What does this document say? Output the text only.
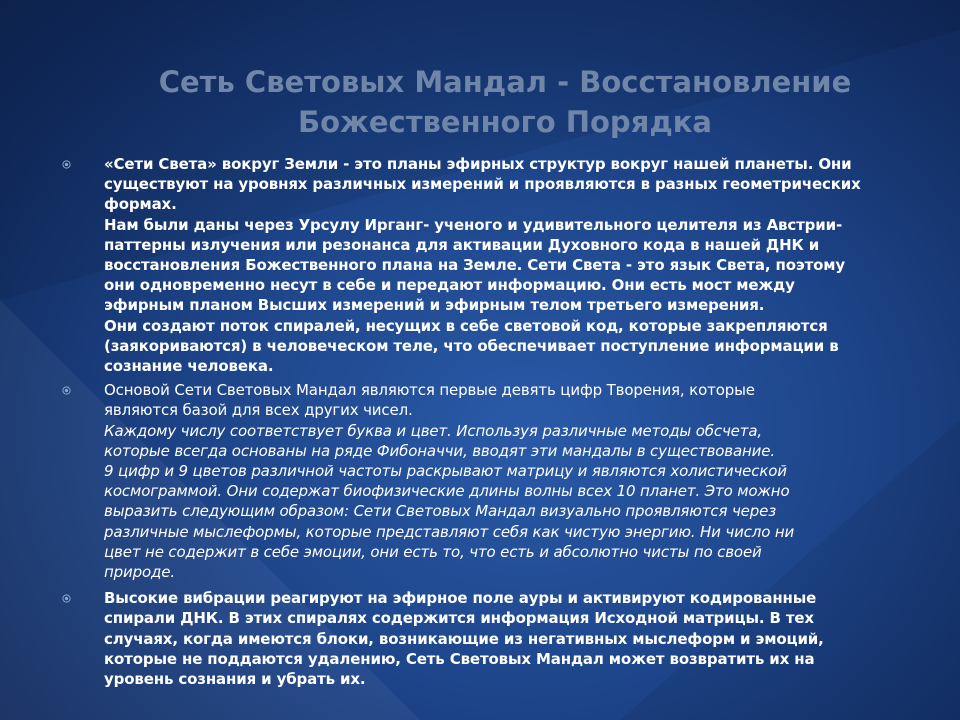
Сеть Световых Мандал - Восстановление
Божественного Порядка
«Сети Света» вокруг Земли - это планы эфирных структур вокруг нашей планеты. Они
существуют на уровнях различных измерений и проявляются в разных геометрических
формах.
Нам были даны через Урсулу Ирганг- ученого и удивительного целителя из Австрии-
паттерны излучения или резонанса для активации Духовного кода в нашей ДНК и
восстановления Божественного плана на Земле. Сети Света - это язык Света, поэтому
они одновременно несут в себе и передают информацию. Они есть мост между
эфирным планом Высших измерений и эфирным телом третьего измерения.
Они создают поток спиралей, несущих в себе световой код, которые закрепляются
(заякориваются) в человеческом теле, что обеспечивает поступление информации в
сознание человека.
Основой Сети Световых Мандал являются первые девять цифр Творения, которые
являются базой для всех других чисел.
Каждому числу соответствует буква и цвет. Используя различные методы обсчета,
которые всегда основаны на ряде Фибоначчи, вводят эти мандалы в существование.
9 цифр и 9 цветов различной частоты раскрывают матрицу и являются холистической
космограммой. Они содержат биофизические длины волны всех 10 планет. Это можно
выразить следующим образом: Сети Световых Мандал визуально проявляются через
различные мыслеформы, которые представляют себя как чистую энергию. Ни число ни
цвет не содержит в себе эмоции, они есть то, что есть и абсолютно чисты по своей
природе.
Высокие вибрации реагируют на эфирное поле ауры и активируют кодированные
спирали ДНК. В этих спиралях содержится информация Исходной матрицы. В тех
случаях, когда имеются блоки, возникающие из негативных мыслеформ и эмоций,
которые не поддаются удалению, Сеть Световых Мандал может возвратить их на
уровень сознания и убрать их.
